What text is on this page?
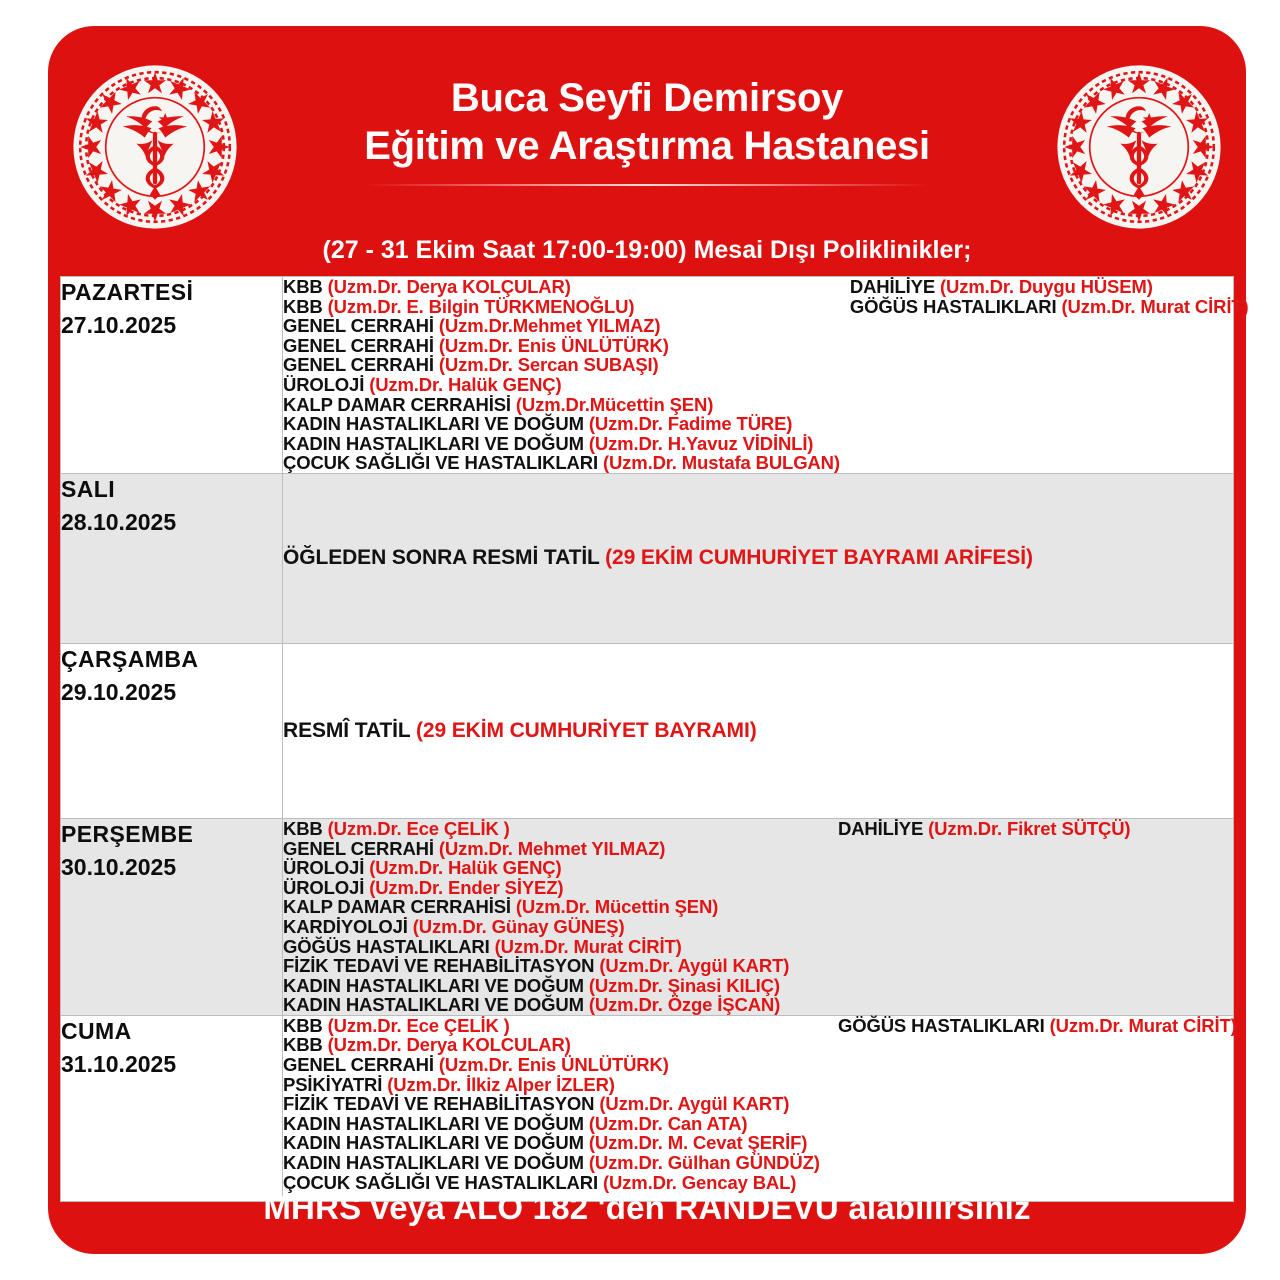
Buca Seyfi Demirsoy
Eğitim ve Araştırma Hastanesi
(27 - 31 Ekim Saat 17:00-19:00) Mesai Dışı Poliklinikler;
PAZARTESİ
27.10.2025

KBB (Uzm.Dr. Derya KOLÇULAR)
KBB (Uzm.Dr. E. Bilgin TÜRKMENOĞLU)
GENEL CERRAHİ (Uzm.Dr.Mehmet YILMAZ)
GENEL CERRAHİ (Uzm.Dr. Enis ÜNLÜTÜRK)
GENEL CERRAHİ (Uzm.Dr. Sercan SUBAŞI)
ÜROLOJİ (Uzm.Dr. Halük GENÇ)
KALP DAMAR CERRAHİSİ (Uzm.Dr.Mücettin ŞEN)
KADIN HASTALIKLARI VE DOĞUM (Uzm.Dr. Fadime TÜRE)
KADIN HASTALIKLARI VE DOĞUM (Uzm.Dr. H.Yavuz VİDİNLİ)
ÇOCUK SAĞLIĞI VE HASTALIKLARI (Uzm.Dr. Mustafa BULGAN)
DAHİLİYE (Uzm.Dr. Duygu HÜSEM)
GÖĞÜS HASTALIKLARI (Uzm.Dr. Murat CİRİT)

SALI
28.10.2025	ÖĞLEDEN SONRA RESMİ TATİL (29 EKİM CUMHURİYET BAYRAMI ARİFESİ)

ÇARŞAMBA
29.10.2025	RESMÎ TATİL (29 EKİM CUMHURİYET BAYRAMI)

PERŞEMBE
30.10.2025

KBB (Uzm.Dr. Ece ÇELİK )
GENEL CERRAHİ (Uzm.Dr. Mehmet YILMAZ)
ÜROLOJİ (Uzm.Dr. Halük GENÇ)
ÜROLOJİ (Uzm.Dr. Ender SİYEZ)
KALP DAMAR CERRAHİSİ (Uzm.Dr. Mücettin ŞEN)
KARDİYOLOJİ (Uzm.Dr. Günay GÜNEŞ)
GÖĞÜS HASTALIKLARI (Uzm.Dr. Murat CİRİT)
FİZİK TEDAVİ VE REHABİLİTASYON (Uzm.Dr. Aygül KART)
KADIN HASTALIKLARI VE DOĞUM (Uzm.Dr. Şinasi KILIÇ)
KADIN HASTALIKLARI VE DOĞUM (Uzm.Dr. Özge İŞCAN)
DAHİLİYE (Uzm.Dr. Fikret SÜTÇÜ)

CUMA
31.10.2025

KBB (Uzm.Dr. Ece ÇELİK )
KBB (Uzm.Dr. Derya KOLCULAR)
GENEL CERRAHİ (Uzm.Dr. Enis ÜNLÜTÜRK)
PSİKİYATRİ (Uzm.Dr. İlkiz Alper İZLER)
FİZİK TEDAVİ VE REHABİLİTASYON (Uzm.Dr. Aygül KART)
KADIN HASTALIKLARI VE DOĞUM (Uzm.Dr. Can ATA)
KADIN HASTALIKLARI VE DOĞUM (Uzm.Dr. M. Cevat ŞERİF)
KADIN HASTALIKLARI VE DOĞUM (Uzm.Dr. Gülhan GÜNDÜZ)
ÇOCUK SAĞLIĞI VE HASTALIKLARI (Uzm.Dr. Gencay BAL)
GÖĞÜS HASTALIKLARI (Uzm.Dr. Murat CİRİT)
MHRS veya ALO 182 'den RANDEVU alabilirsiniz
